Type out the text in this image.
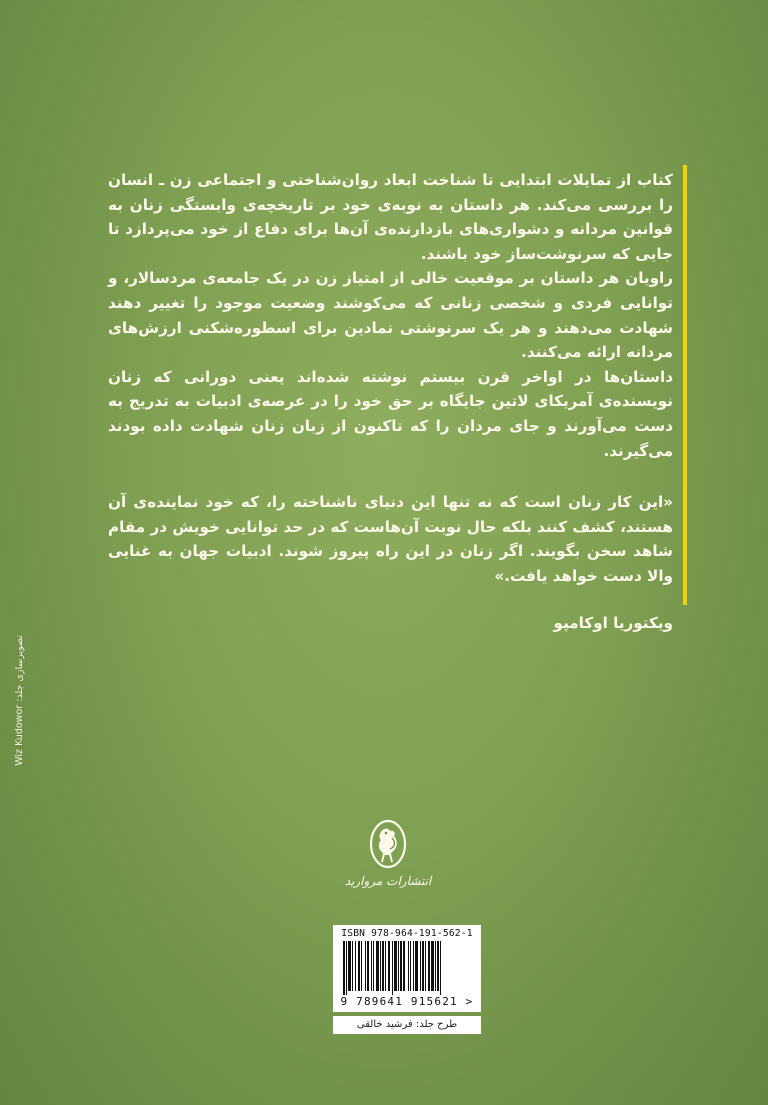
کتاب از تمایلات ابتدایی تا شناخت ابعاد روان‌شناختی و اجتماعی زن ـ انسان را بررسی می‌کند. هر داستان به نوبه‌ی خود بر تاریخچه‌ی وابستگی زنان به قوانین مردانه و دشواری‌های بازدارنده‌ی آن‌ها برای دفاع از خود می‌پردازد تا جایی که سرنوشت‌ساز خود باشند.

راویان هر داستان بر موقعیت خالی از امتیاز زن در یک جامعه‌ی مردسالار، و توانایی فردی و شخصی زنانی که می‌کوشند وضعیت موجود را تغییر دهند شهادت می‌دهند و هر یک سرنوشتی نمادین برای اسطوره‌شکنی ارزش‌های مردانه ارائه می‌کنند.

داستان‌ها در اواخر قرن بیستم نوشته شده‌اند یعنی دورانی که زنان نویسنده‌ی آمریکای لاتین جایگاه بر حق خود را در عرصه‌ی ادبیات به تدریج به دست می‌آورند و جای مردان را که تاکنون از زبان زنان شهادت داده بودند می‌گیرند.

«این کار زنان است که نه تنها این دنیای ناشناخته را، که خود نماینده‌ی آن هستند، کشف کنند بلکه حال نوبت آن‌هاست که در حد توانایی خویش در مقام شاهد سخن بگویند. اگر زنان در این راه پیروز شوند. ادبیات جهان به غنایی والا دست خواهد یافت.»

ویکتوریا اوکامپو

انتشارات مروارید
ISBN 978-964-191-562-1
9 789641 915621 >
طرح جلد: فرشید خالقی
تصویرسازی جلد: Wiz Kudowor
